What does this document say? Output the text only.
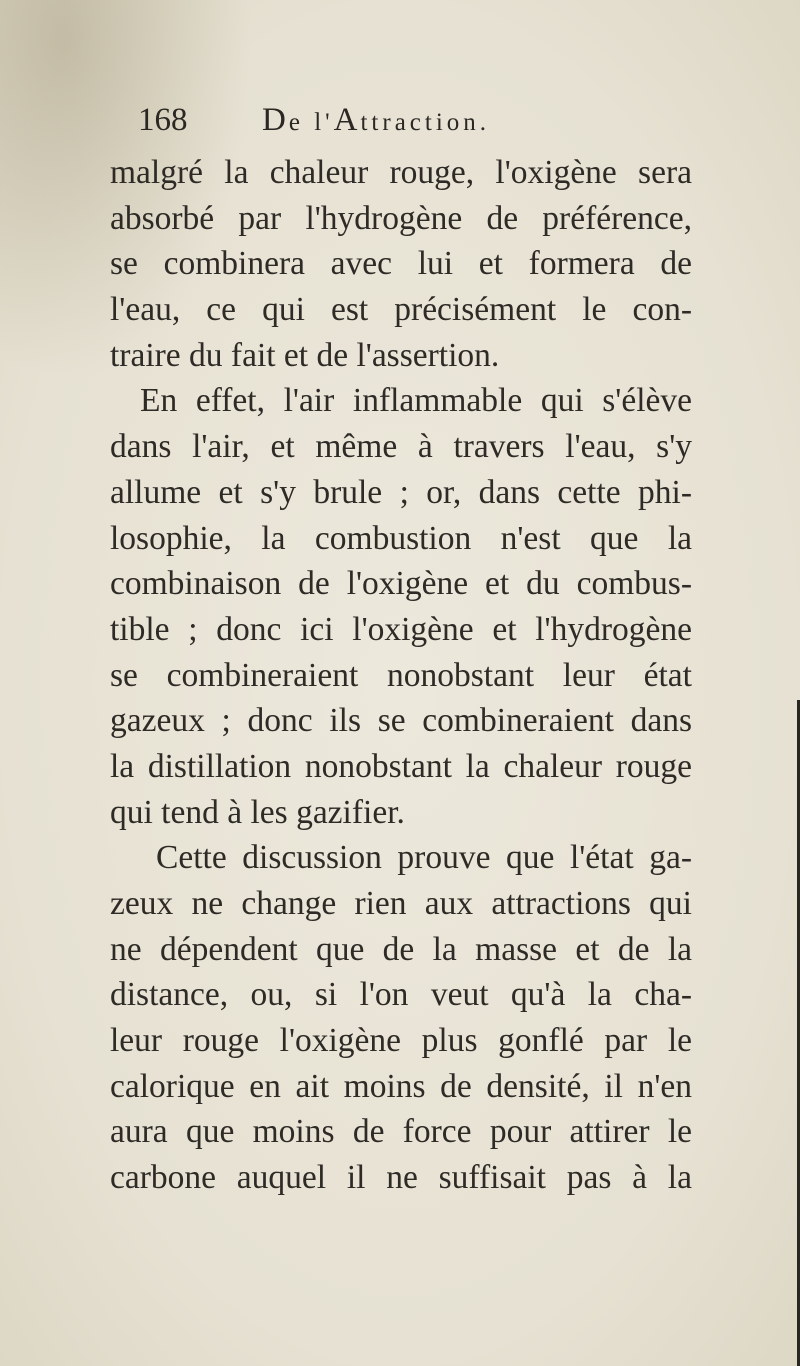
168 De l'Attraction.
malgré la chaleur rouge, l'oxigène sera
absorbé par l'hydrogène de préférence,
se combinera avec lui et formera de
l'eau, ce qui est précisément le con-
traire du fait et de l'assertion.
En effet, l'air inflammable qui s'élève
dans l'air, et même à travers l'eau, s'y
allume et s'y brule ; or, dans cette phi-
losophie, la combustion n'est que la
combinaison de l'oxigène et du combus-
tible ; donc ici l'oxigène et l'hydrogène
se combineraient nonobstant leur état
gazeux ; donc ils se combineraient dans
la distillation nonobstant la chaleur rouge
qui tend à les gazifier.
Cette discussion prouve que l'état ga-
zeux ne change rien aux attractions qui
ne dépendent que de la masse et de la
distance, ou, si l'on veut qu'à la cha-
leur rouge l'oxigène plus gonflé par le
calorique en ait moins de densité, il n'en
aura que moins de force pour attirer le
carbone auquel il ne suffisait pas à la
